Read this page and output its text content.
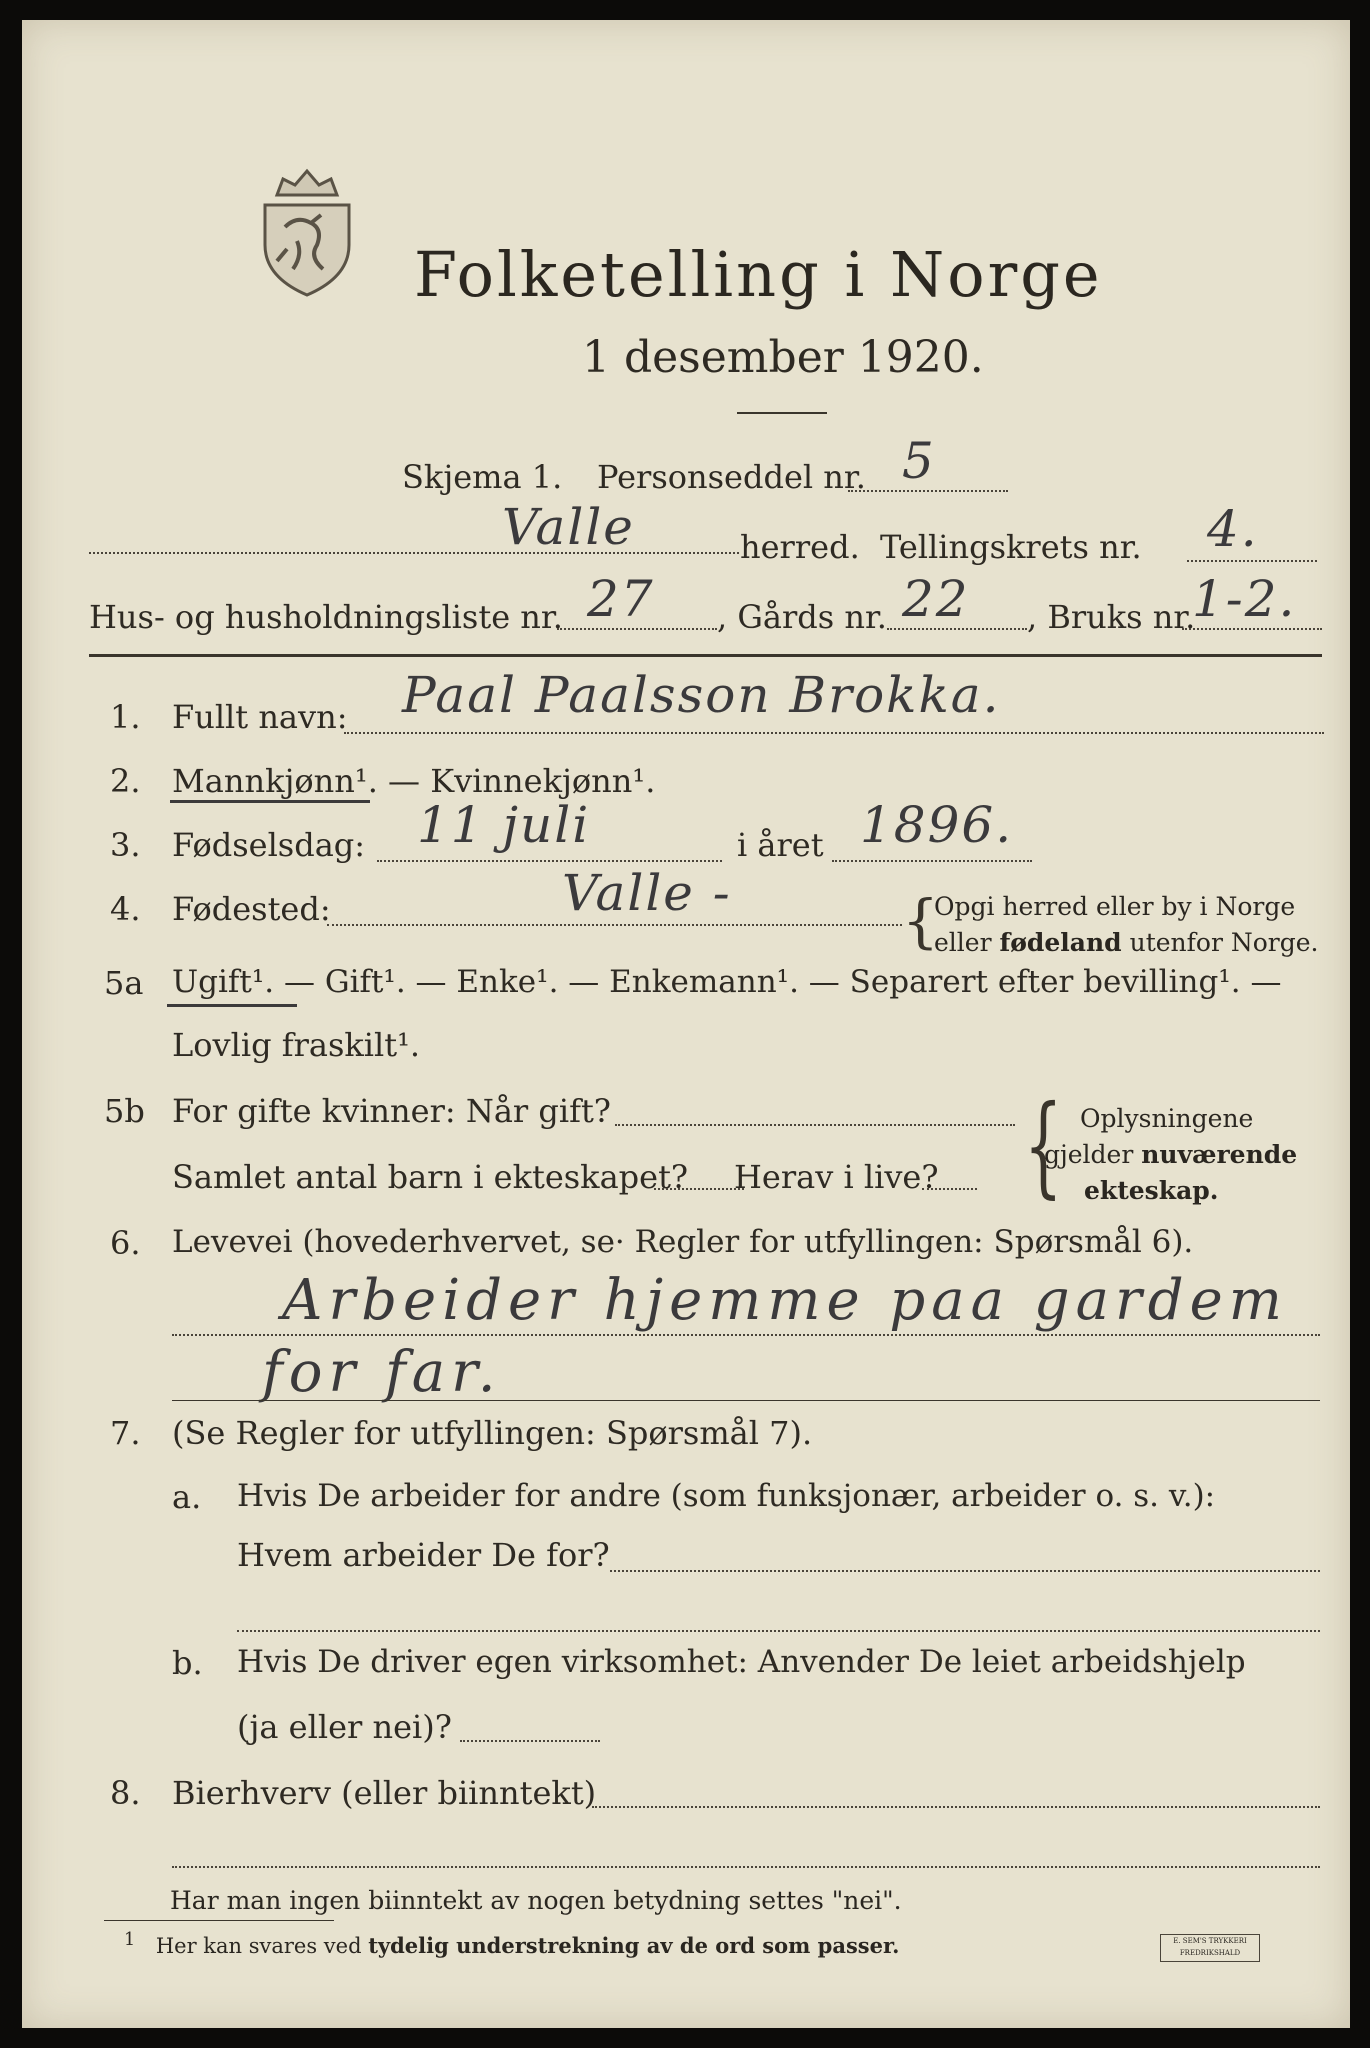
Folketelling i Norge
1 desember 1920.
Skjema 1. Personseddel nr. 5
Valle	herred. Tellingskrets nr. 4.
Hus- og husholdningsliste nr. 27 , Gårds nr. 22 , Bruks nr.
1-2.
1. Fullt navn: Paal Paalsson Brokka.
2. Mannkjønn¹. — Kvinnekjønn¹.
3. Fødselsdag: 11 juli	i året 1896.
4. Fødested:	Valle -	{
Opgi herred eller by i Norge
eller fødeland utenfor Norge.
5a Ugift¹. — Gift¹. — Enke¹. — Enkemann¹. — Separert efter bevilling¹. —
Lovlig fraskilt¹.
5b For gifte kvinner: Når gift?
Samlet antal barn i ekteskapet? Herav i live? { Oplysningene
gjelder nuværende
ekteskap.
6. Levevei (hovederhvervet, se· Regler for utfyllingen: Spørsmål 6).
Arbeider hjemme paa gardem
for far.
7. (Se Regler for utfyllingen: Spørsmål 7).
a. Hvis De arbeider for andre (som funksjonær, arbeider o. s. v.):
Hvem arbeider De for?
b. Hvis De driver egen virksomhet: Anvender De leiet arbeidshjelp
(ja eller nei)?
8. Bierhverv (eller biinntekt)
Har man ingen biinntekt av nogen betydning settes "nei".
$^1$ Her kan svares ved tydelig understrekning av de ord som passer.	E. SEM'S TRYKKERI FREDRIKSHALD
